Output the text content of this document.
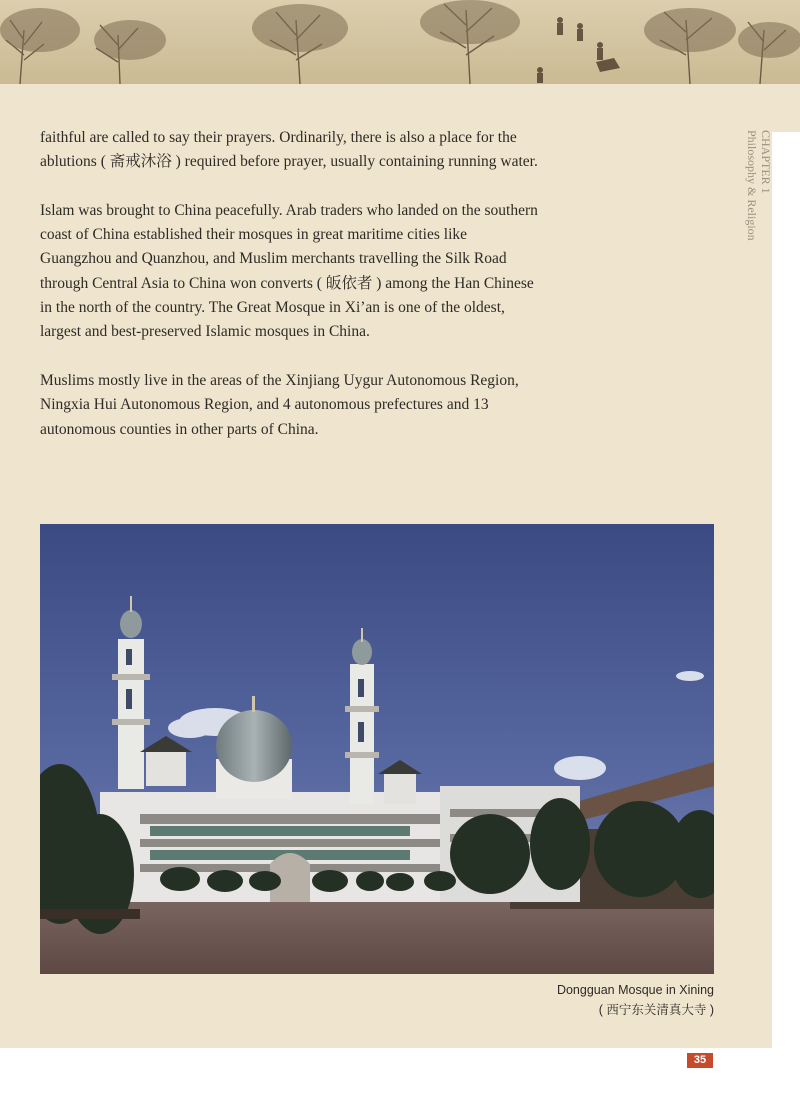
CHAPTER 1
Philosophy & Religion

faithful are called to say their prayers. Ordinarily, there is also a place for the ablutions ( 斋戒沐浴 ) required before prayer, usually containing running water.

Islam was brought to China peacefully. Arab traders who landed on the southern coast of China established their mosques in great maritime cities like Guangzhou and Quanzhou, and Muslim merchants travelling the Silk Road through Central Asia to China won converts ( 皈依者 ) among the Han Chinese in the north of the country. The Great Mosque in Xi’an is one of the oldest, largest and best-preserved Islamic mosques in China.

Muslims mostly live in the areas of the Xinjiang Uygur Autonomous Region, Ningxia Hui Autonomous Region, and 4 autonomous prefectures and 13 autonomous counties in other parts of China.

Dongguan Mosque in Xining
( 西宁东关清真大寺 )
35
